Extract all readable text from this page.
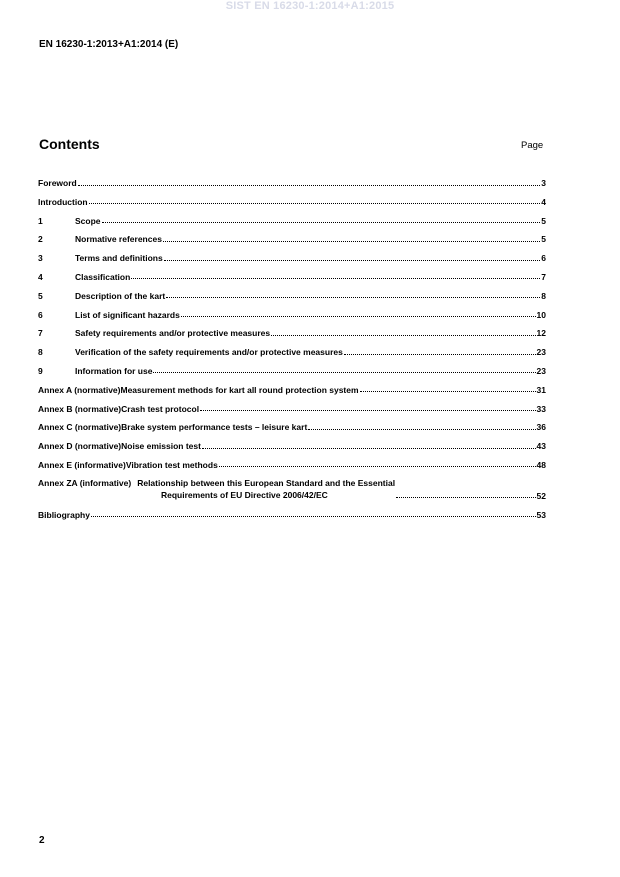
SIST EN 16230-1:2014+A1:2015
EN 16230-1:2013+A1:2014 (E)
Contents	Page
Foreword	3
Introduction	4
1	Scope	5
2	Normative references	5
3	Terms and definitions	6
4	Classification	7
5	Description of the kart	8
6	List of significant hazards	10
7	Safety requirements and/or protective measures	12
8	Verification of the safety requirements and/or protective measures	23
9	Information for use	23
Annex A (normative) Measurement methods for kart all round protection system	31
Annex B (normative) Crash test protocol	33
Annex C (normative) Brake system performance tests – leisure kart	36
Annex D (normative) Noise emission test	43
Annex E (informative) Vibration test methods	48
Annex ZA (informative) Relationship between this European Standard and the Essential
Requirements of EU Directive 2006/42/EC	52
Bibliography	53
2
